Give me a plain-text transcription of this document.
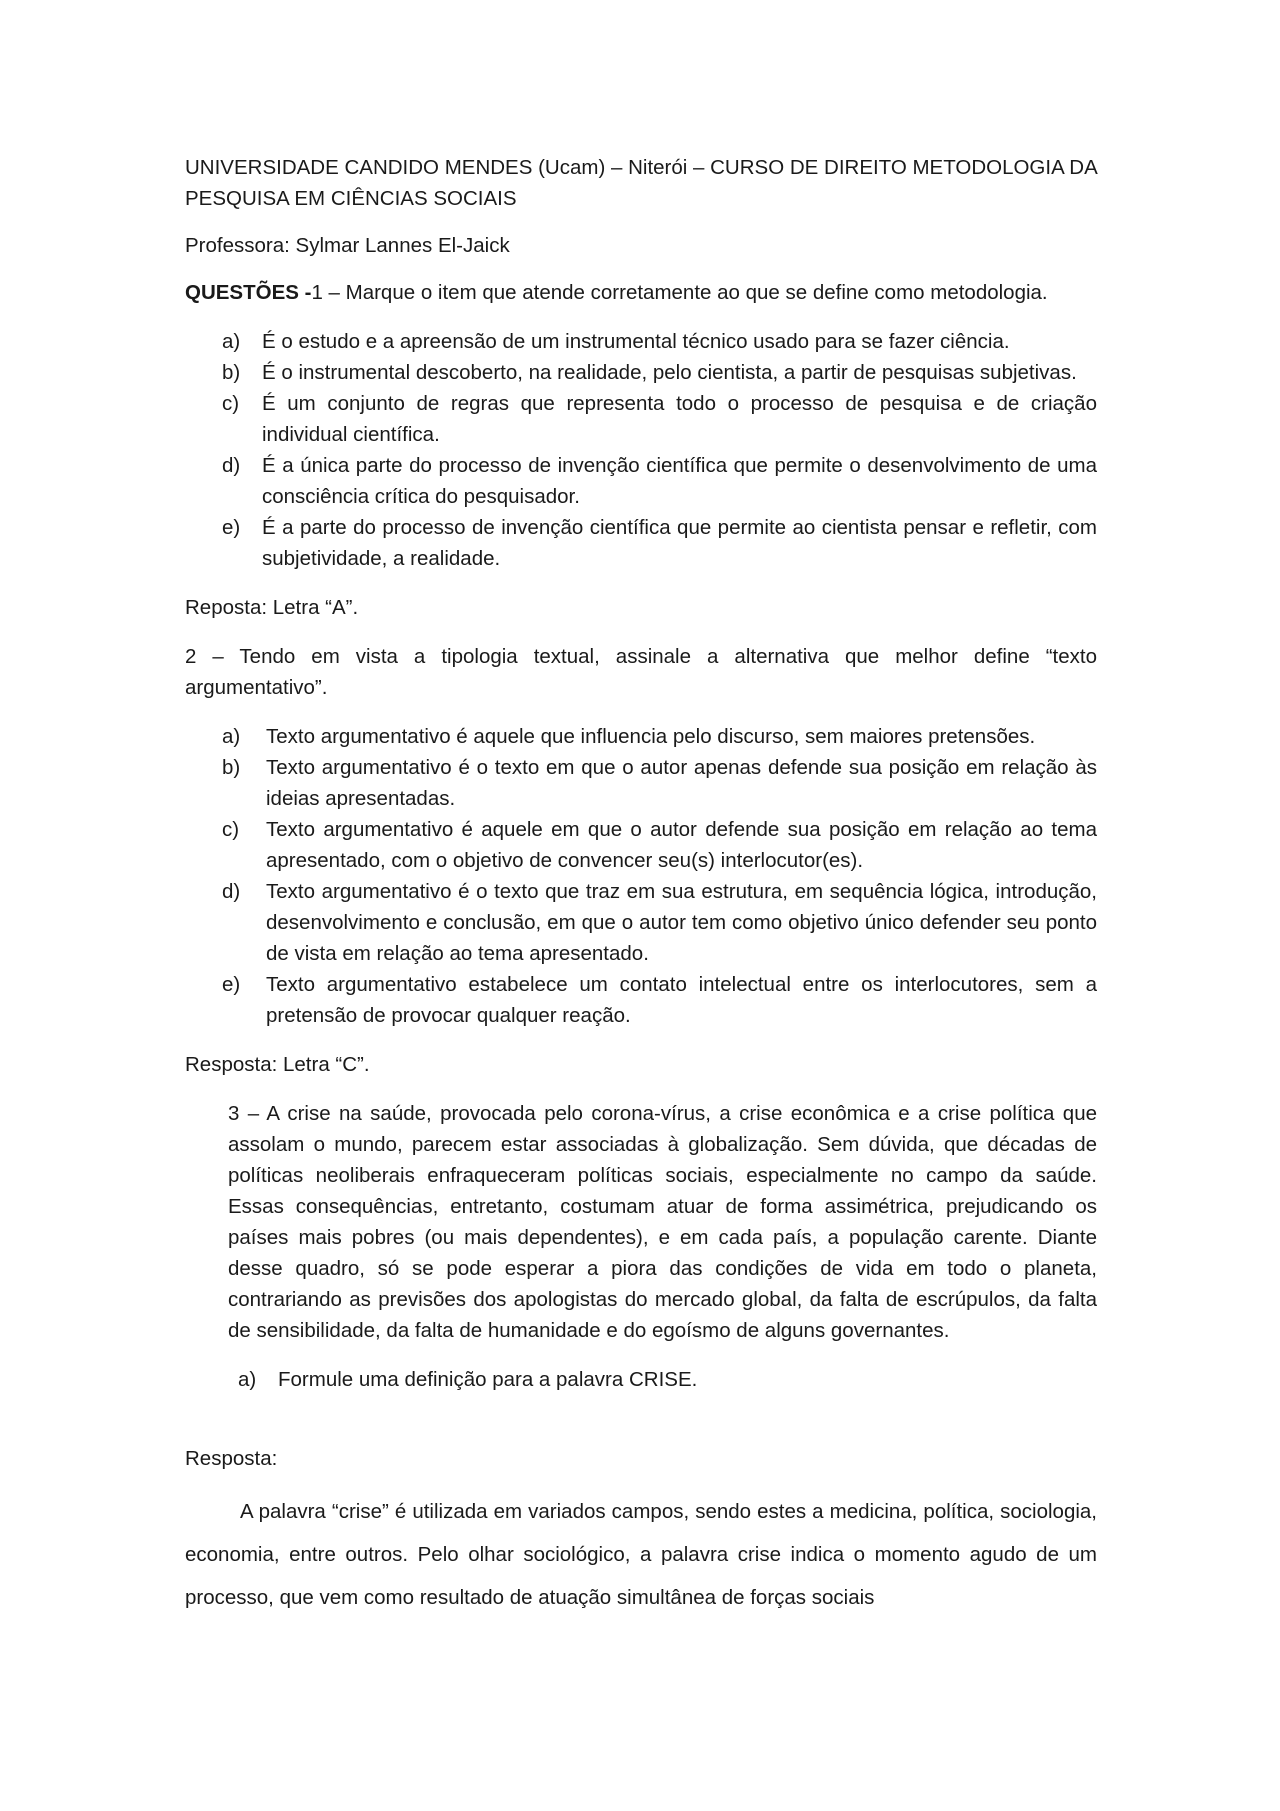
UNIVERSIDADE CANDIDO MENDES (Ucam) – Niterói – CURSO DE DIREITO METODOLOGIA DA PESQUISA EM CIÊNCIAS SOCIAIS

Professora: Sylmar Lannes El-Jaick

QUESTÕES -1 – Marque o item que atende corretamente ao que se define como metodologia.

a) É o estudo e a apreensão de um instrumental técnico usado para se fazer ciência.
b) É o instrumental descoberto, na realidade, pelo cientista, a partir de pesquisas subjetivas.
c) É um conjunto de regras que representa todo o processo de pesquisa e de criação individual científica.
d) É a única parte do processo de invenção científica que permite o desenvolvimento de uma consciência crítica do pesquisador.
e) É a parte do processo de invenção científica que permite ao cientista pensar e refletir, com subjetividade, a realidade.

Reposta: Letra “A”.

2 – Tendo em vista a tipologia textual, assinale a alternativa que melhor define “texto argumentativo”.

a) Texto argumentativo é aquele que influencia pelo discurso, sem maiores pretensões.
b) Texto argumentativo é o texto em que o autor apenas defende sua posição em relação às ideias apresentadas.
c) Texto argumentativo é aquele em que o autor defende sua posição em relação ao tema apresentado, com o objetivo de convencer seu(s) interlocutor(es).
d) Texto argumentativo é o texto que traz em sua estrutura, em sequência lógica, introdução, desenvolvimento e conclusão, em que o autor tem como objetivo único defender seu ponto de vista em relação ao tema apresentado.
e) Texto argumentativo estabelece um contato intelectual entre os interlocutores, sem a pretensão de provocar qualquer reação.

Resposta: Letra “C”.

3 – A crise na saúde, provocada pelo corona-vírus, a crise econômica e a crise política que assolam o mundo, parecem estar associadas à globalização. Sem dúvida, que décadas de políticas neoliberais enfraqueceram políticas sociais, especialmente no campo da saúde. Essas consequências, entretanto, costumam atuar de forma assimétrica, prejudicando os países mais pobres (ou mais dependentes), e em cada país, a população carente. Diante desse quadro, só se pode esperar a piora das condições de vida em todo o planeta, contrariando as previsões dos apologistas do mercado global, da falta de escrúpulos, da falta de sensibilidade, da falta de humanidade e do egoísmo de alguns governantes.

a) Formule uma definição para a palavra CRISE.

Resposta:

A palavra “crise” é utilizada em variados campos, sendo estes a medicina, política, sociologia, economia, entre outros. Pelo olhar sociológico, a palavra crise indica o momento agudo de um processo, que vem como resultado de atuação simultânea de forças sociais
